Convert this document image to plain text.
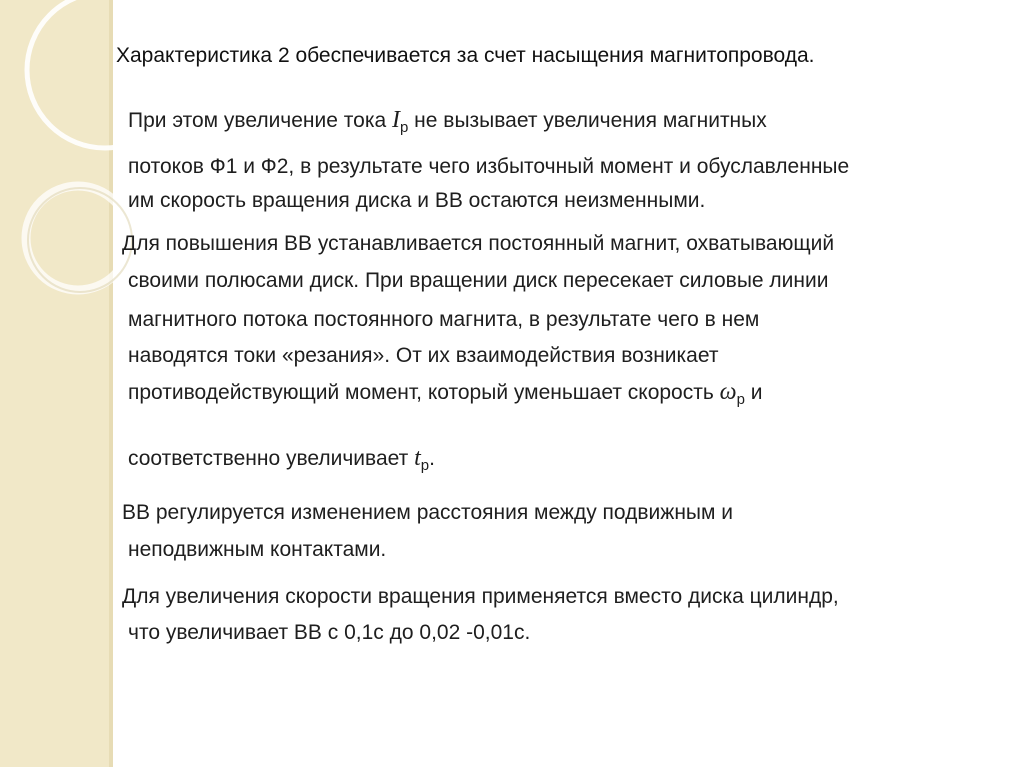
Характеристика 2 обеспечивается за счет насыщения магнитопровода.
При этом увеличение тока $I_р$ не вызывает увеличения магнитных
потоков Ф1 и Ф2, в результате чего избыточный момент и обуславленные
им скорость вращения диска и ВВ остаются неизменными.
Для повышения ВВ устанавливается постоянный магнит, охватывающий
своими полюсами диск. При вращении диск пересекает силовые линии
магнитного потока постоянного магнита, в результате чего в нем
наводятся токи «резания». От их взаимодействия возникает
противодействующий момент, который уменьшает скорость $\omega_р$ и
соответственно увеличивает $t_р$.
ВВ регулируется изменением расстояния между подвижным и
неподвижным контактами.
Для увеличения скорости вращения применяется вместо диска цилиндр,
что увеличивает ВВ с 0,1с до 0,02 -0,01с.
